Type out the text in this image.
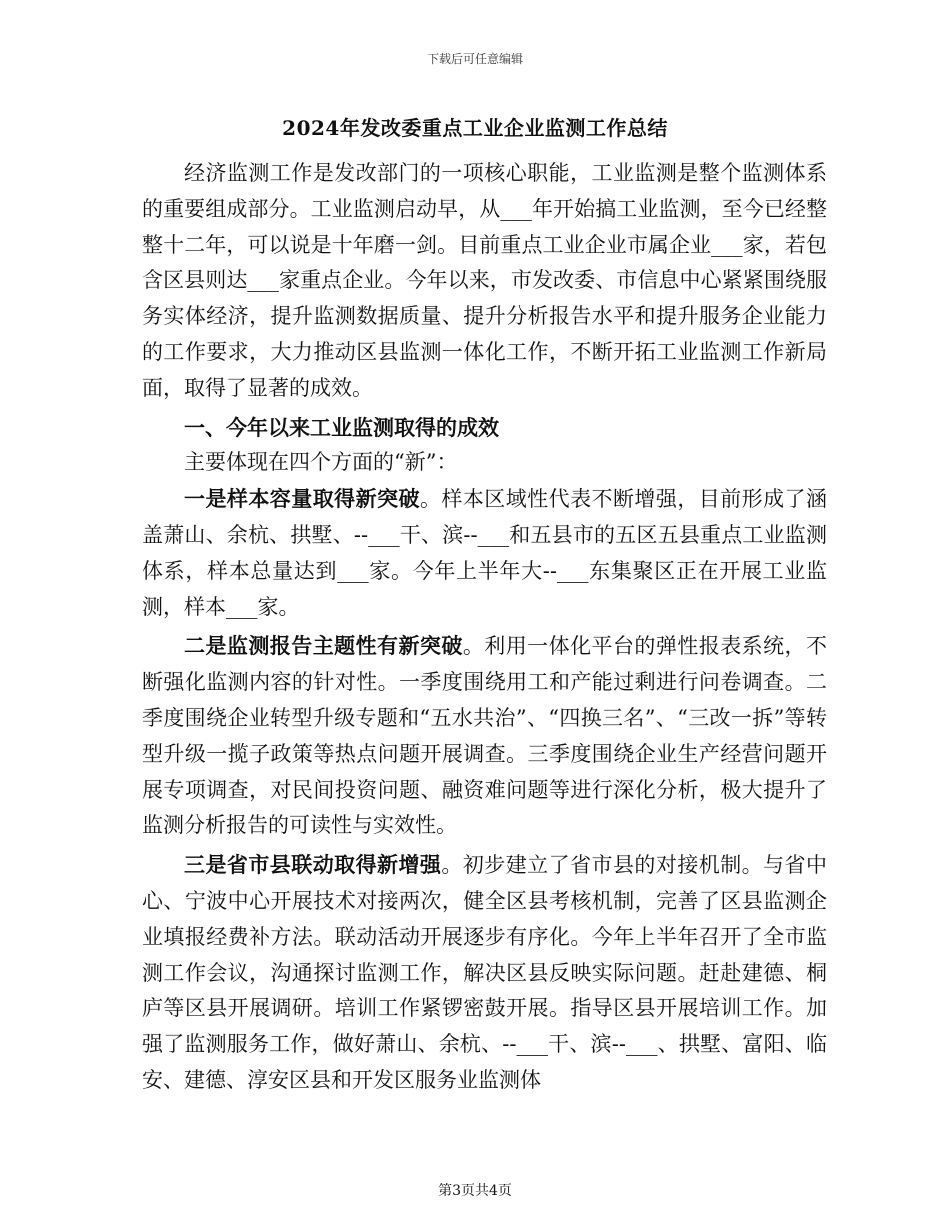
下载后可任意编辑
2024年发改委重点工业企业监测工作总结

经济监测工作是发改部门的一项核心职能，工业监测是整个监测体系的重要组成部分。工业监测启动早，从___年开始搞工业监测，至今已经整整十二年，可以说是十年磨一剑。目前重点工业企业市属企业___家，若包含区县则达___家重点企业。今年以来，市发改委、市信息中心紧紧围绕服务实体经济，提升监测数据质量、提升分析报告水平和提升服务企业能力的工作要求，大力推动区县监测一体化工作，不断开拓工业监测工作新局面，取得了显著的成效。

一、今年以来工业监测取得的成效

主要体现在四个方面的“新”：

一是样本容量取得新突破。样本区域性代表不断增强，目前形成了涵盖萧山、余杭、拱墅、--___干、滨--___和五县市的五区五县重点工业监测体系，样本总量达到___家。今年上半年大--___东集聚区正在开展工业监测，样本___家。

二是监测报告主题性有新突破。利用一体化平台的弹性报表系统，不断强化监测内容的针对性。一季度围绕用工和产能过剩进行问卷调查。二季度围绕企业转型升级专题和“五水共治”、“四换三名”、“三改一拆”等转型升级一揽子政策等热点问题开展调查。三季度围绕企业生产经营问题开展专项调查，对民间投资问题、融资难问题等进行深化分析，极大提升了监测分析报告的可读性与实效性。

三是省市县联动取得新增强。初步建立了省市县的对接机制。与省中心、宁波中心开展技术对接两次，健全区县考核机制，完善了区县监测企业填报经费补方法。联动活动开展逐步有序化。今年上半年召开了全市监测工作会议，沟通探讨监测工作，解决区县反映实际问题。赶赴建德、桐庐等区县开展调研。培训工作紧锣密鼓开展。指导区县开展培训工作。加强了监测服务工作，做好萧山、余杭、--___干、滨--___、拱墅、富阳、临安、建德、淳安区县和开发区服务业监测体

第3页共4页
